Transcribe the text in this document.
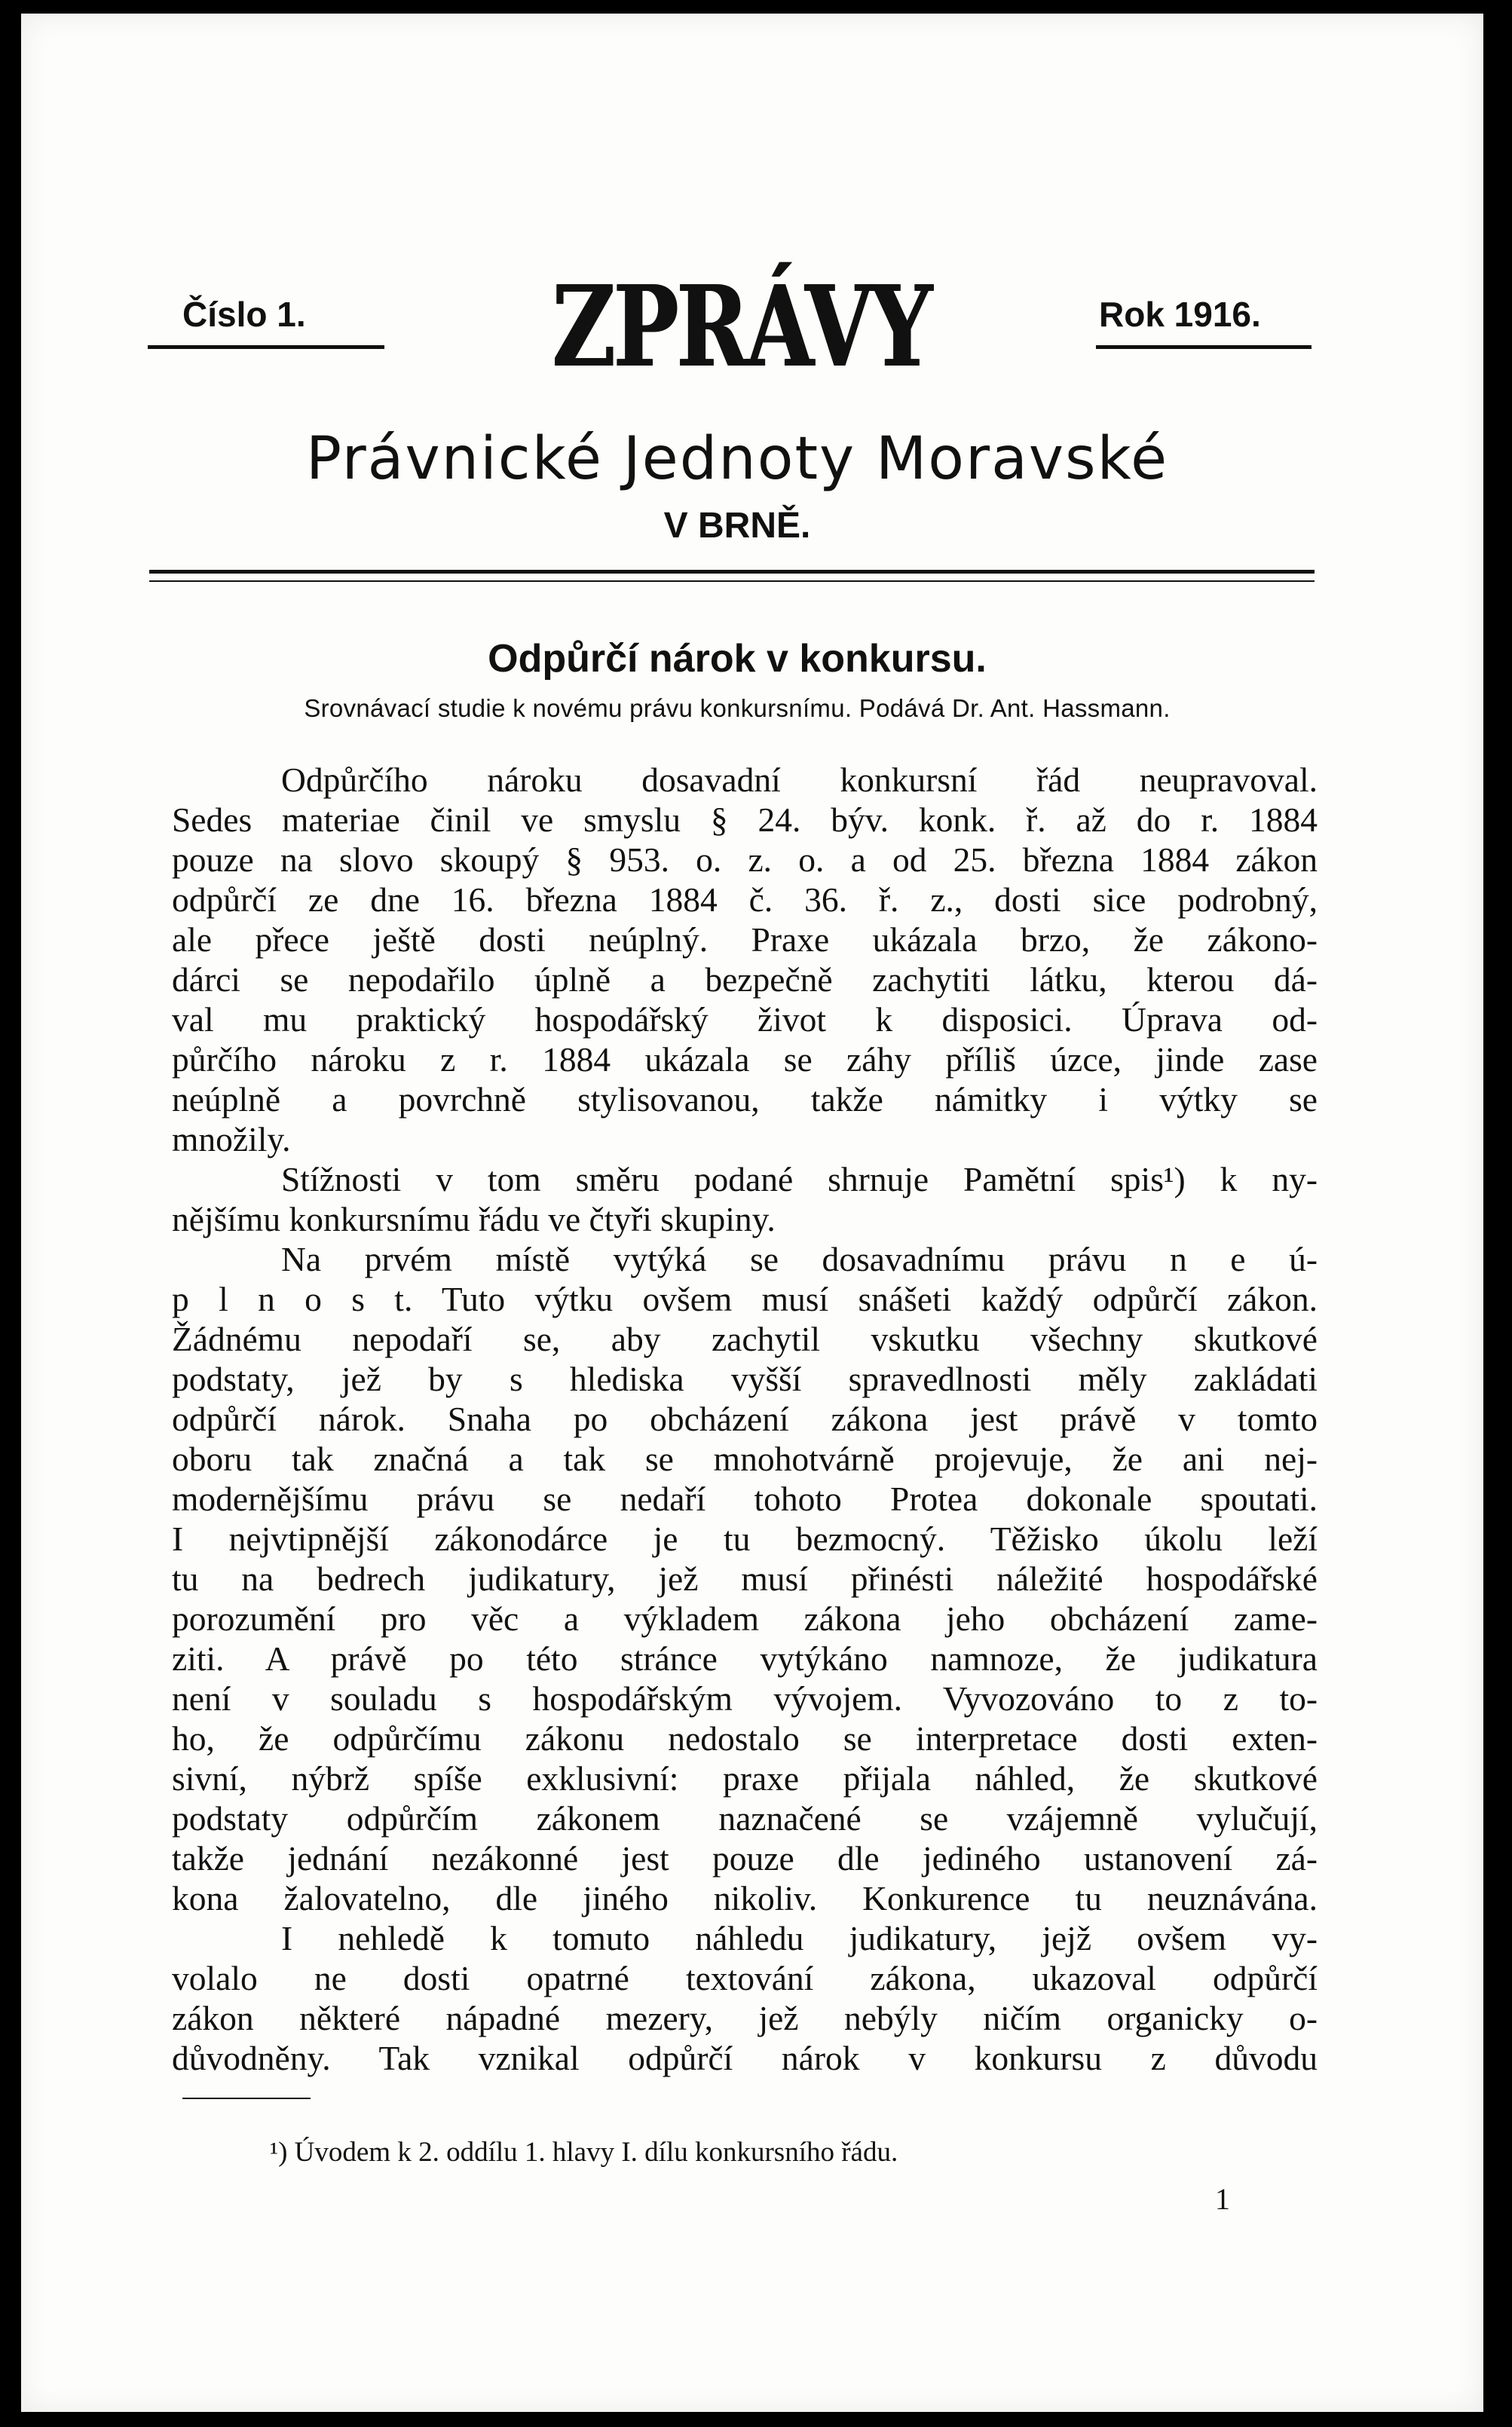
Číslo 1. ZPRÁVY	Rok 1916.
Právnické Jednoty Moravské
V BRNĚ.
Odpůrčí nárok v konkursu.
Srovnávací studie k novému právu konkursnímu. Podává Dr. Ant. Hassmann.
Odpůrčího nároku dosavadní konkursní řád neupravoval.
Sedes materiae činil ve smyslu § 24. býv. konk. ř. až do r. 1884
pouze na slovo skoupý § 953. o. z. o. a od 25. března 1884 zákon
odpůrčí ze dne 16. března 1884 č. 36. ř. z., dosti sice podrobný,
ale přece ještě dosti neúplný. Praxe ukázala brzo, že zákono-
dárci se nepodařilo úplně a bezpečně zachytiti látku, kterou dá-
val mu praktický hospodářský život k disposici. Úprava od-
půrčího nároku z r. 1884 ukázala se záhy příliš úzce, jinde zase
neúplně a povrchně stylisovanou, takže námitky i výtky se
množily.
Stížnosti v tom směru podané shrnuje Pamětní spis¹) k ny-
nějšímu konkursnímu řádu ve čtyři skupiny.
Na prvém místě vytýká se dosavadnímu právu n e ú-
p l n o s t. Tuto výtku ovšem musí snášeti každý odpůrčí zákon.
Žádnému nepodaří se, aby zachytil vskutku všechny skutkové
podstaty, jež by s hlediska vyšší spravedlnosti měly zakládati
odpůrčí nárok. Snaha po obcházení zákona jest právě v tomto
oboru tak značná a tak se mnohotvárně projevuje, že ani nej-
modernějšímu právu se nedaří tohoto Protea dokonale spoutati.
I nejvtipnější zákonodárce je tu bezmocný. Těžisko úkolu leží
tu na bedrech judikatury, jež musí přinésti náležité hospodářské
porozumění pro věc a výkladem zákona jeho obcházení zame-
ziti. A právě po této stránce vytýkáno namnoze, že judikatura
není v souladu s hospodářským vývojem. Vyvozováno to z to-
ho, že odpůrčímu zákonu nedostalo se interpretace dosti exten-
sivní, nýbrž spíše exklusivní: praxe přijala náhled, že skutkové
podstaty odpůrčím zákonem naznačené se vzájemně vylučují,
takže jednání nezákonné jest pouze dle jediného ustanovení zá-
kona žalovatelno, dle jiného nikoliv. Konkurence tu neuznávána.
I nehledě k tomuto náhledu judikatury, jejž ovšem vy-
volalo ne dosti opatrné textování zákona, ukazoval odpůrčí
zákon některé nápadné mezery, jež nebýly ničím organicky o-
důvodněny. Tak vznikal odpůrčí nárok v konkursu z důvodu
¹) Úvodem k 2. oddílu 1. hlavy I. dílu konkursního řádu.
1
